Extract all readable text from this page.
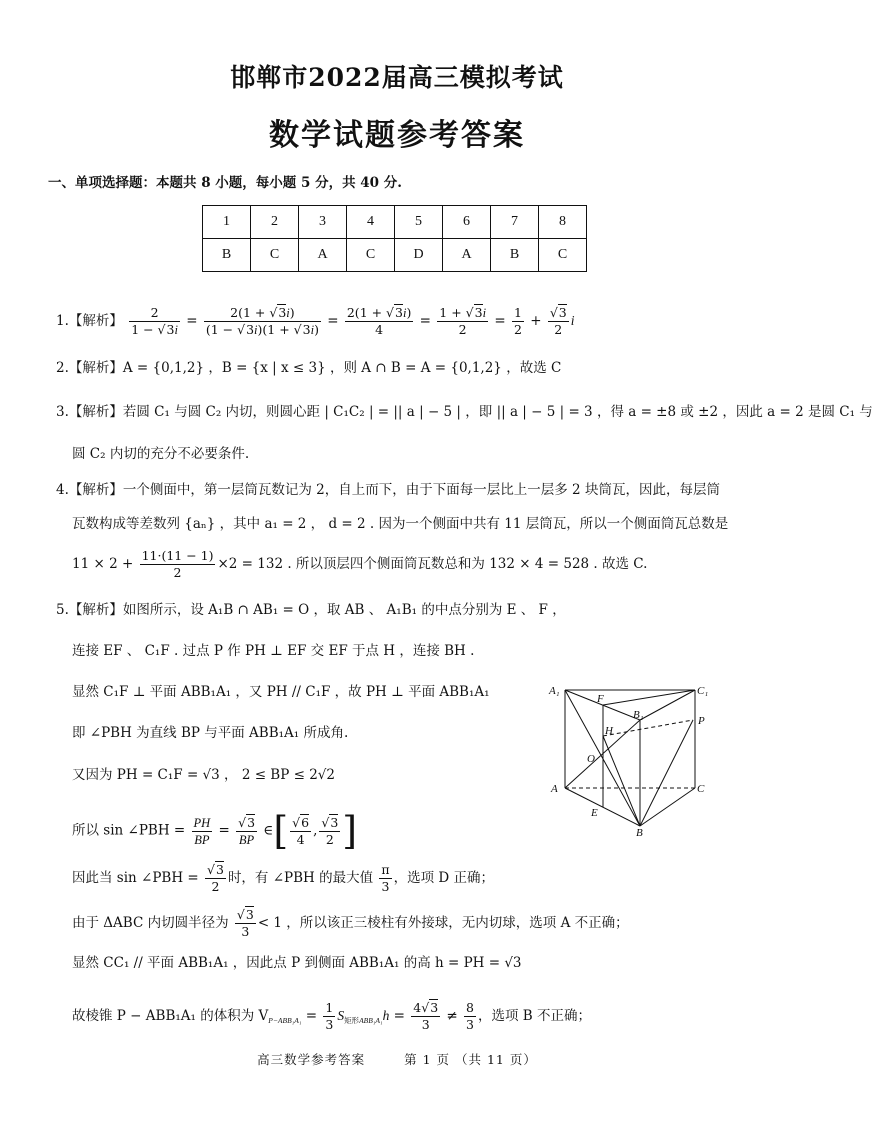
邯郸市2022届高三模拟考试
数学试题参考答案
一、单项选择题：本题共 8 小题，每小题 5 分，共 40 分.
1	2	3	4	5	6	7	8
B	C	A	C	D	A	B	C
1.【解析】 $\frac{2}{1 - √3i} = \frac{2(1 + √3i)}{(1 - √3i)(1 + √3i)} = \frac{2(1 + √3i)}{4} = \frac{1 + √3i}{2} = \frac{1}{2} + \frac{√3}{2}$ i
2.【解析】A = {0,1,2} ，B = {x | x ≤ 3} ，则 A ∩ B = A = {0,1,2} ，故选 C
3.【解析】若圆 C₁ 与圆 C₂ 内切，则圆心距 | C₁C₂ | = || a | − 5 | ，即 || a | − 5 | = 3 ，得 a = ±8 或 ±2 ，因此 a = 2 是圆 C₁ 与
圆 C₂ 内切的充分不必要条件.
4.【解析】一个侧面中，第一层筒瓦数记为 2，自上而下，由于下面每一层比上一层多 2 块筒瓦，因此，每层筒
瓦数构成等差数列 {aₙ} ，其中 a₁ = 2 ， d = 2 . 因为一个侧面中共有 11 层筒瓦，所以一个侧面筒瓦总数是
$11 \times 2 + \frac{11\cdot(11 - 1)}{2} \times 2 = 132$ . 所以顶层四个侧面筒瓦数总和为 132 × 4 = 528 . 故选 C.
5.【解析】如图所示，设 A₁B ∩ AB₁ = O ，取 AB 、 A₁B₁ 的中点分别为 E 、 F ，
连接 EF 、 C₁F . 过点 P 作 PH ⊥ EF 交 EF 于点 H ，连接 BH .
显然 C₁F ⊥ 平面 ABB₁A₁ ，又 PH // C₁F ，故 PH ⊥ 平面 ABB₁A₁
即 ∠PBH 为直线 BP 与平面 ABB₁A₁ 所成角.
又因为 PH = C₁F = √3 ， 2 ≤ BP ≤ 2√2
所以 sin ∠PBH = $\frac{PH}{BP} = \frac{√3}{BP}$ ∈[ $\frac{√6}{4}$ , $\frac{√3}{2}$ ]
因此当 sin ∠PBH = $\frac{√3}{2}$ 时，有 ∠PBH 的最大值 $\frac{\pi}{3}$ ，选项 D 正确；
由于 ΔABC 内切圆半径为 $\frac{√3}{3} < 1$ ，所以该正三棱柱有外接球，无内切球，选项 A 不正确；
显然 CC₁ // 平面 ABB₁A₁ ，因此点 P 到侧面 ABB₁A₁ 的高 h = PH = √3
故棱锥 P − ABB₁A₁ 的体积为 $V_{P-ABB_1A_1} = \frac{1}{3} S_{矩形ABB_1A_1}h = \frac{4√3}{3} \ne \frac{8}{3}$ ，选项 B 不正确；
A₁
F
C₁
B₁	P
H
O
A	C
E
B
高三数学参考答案	第 1 页 （共 11 页）
